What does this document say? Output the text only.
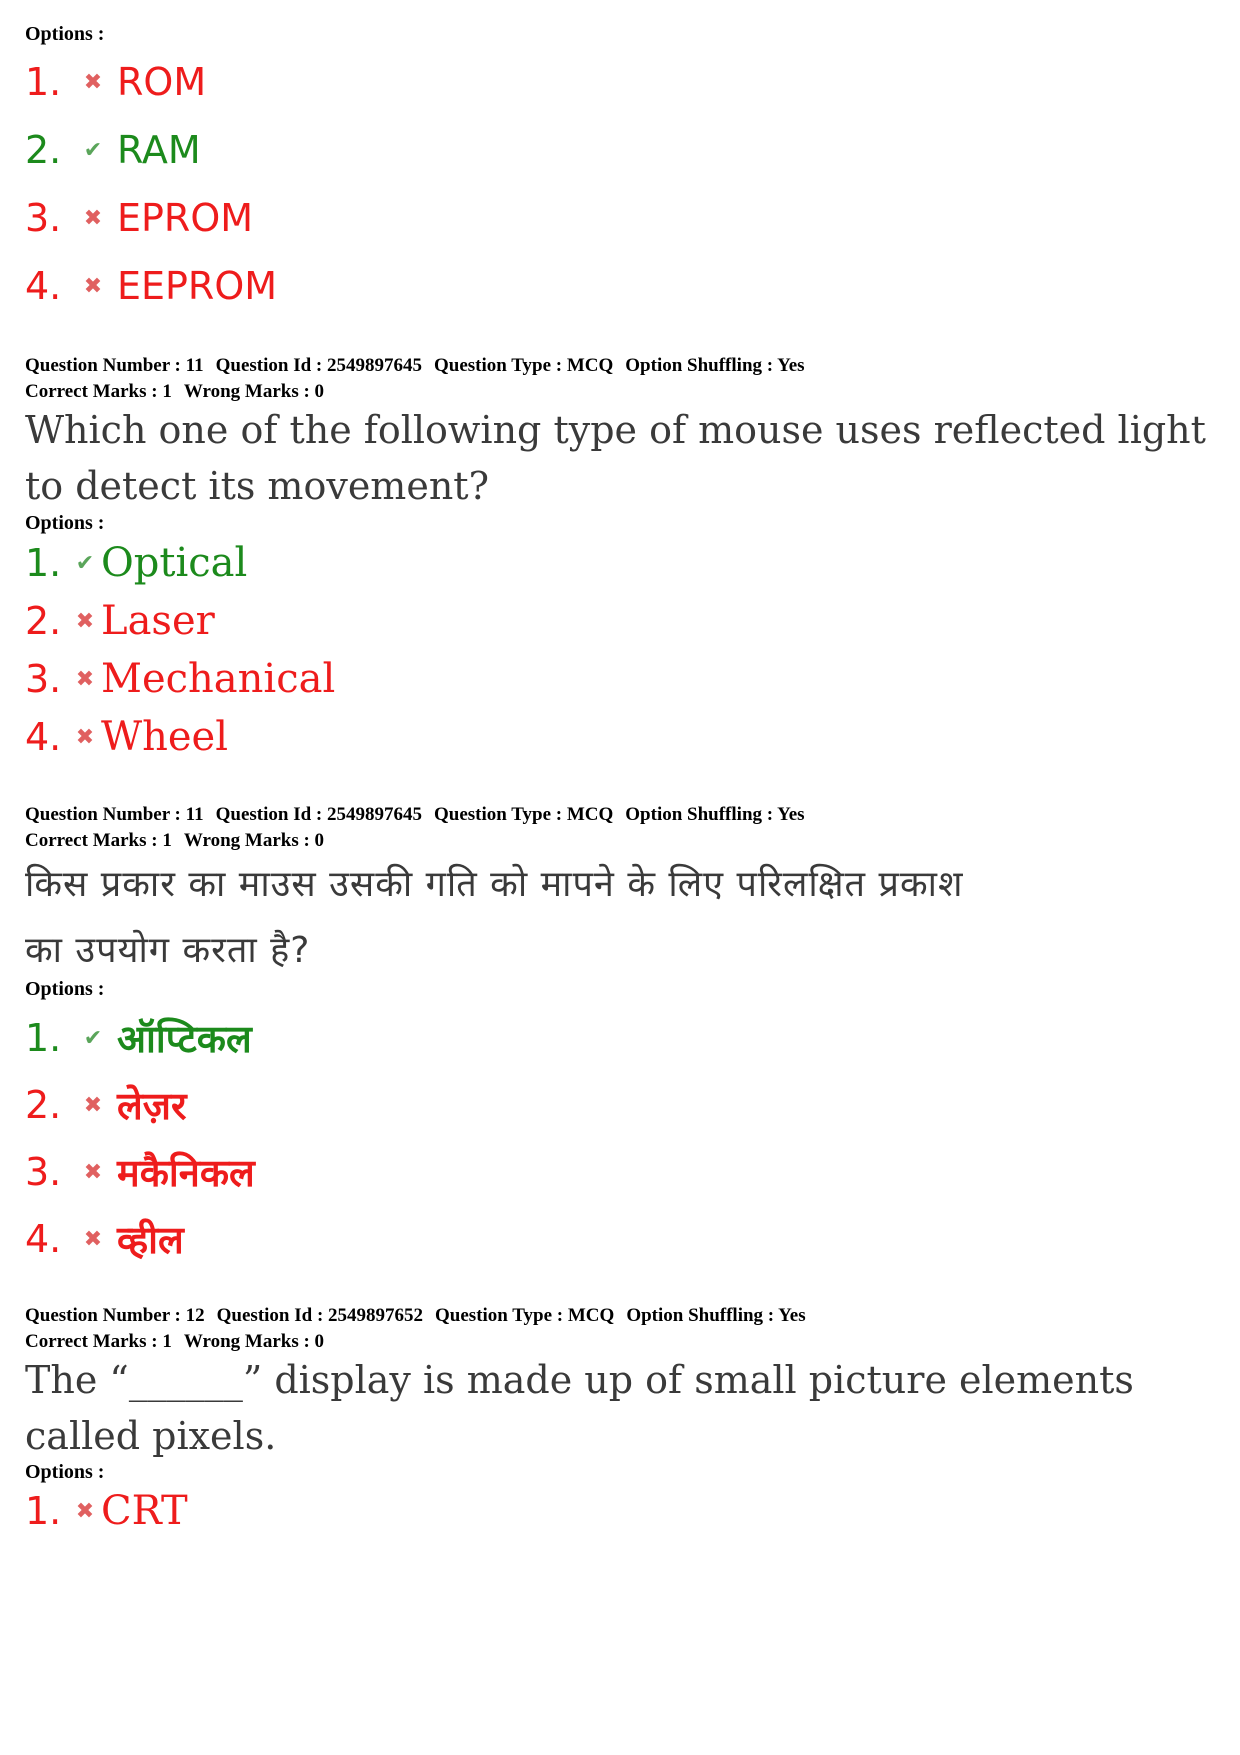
Options :
1.	✖ ROM
2.	✔ RAM
3.	✖ EPROM
4.	✖ EEPROM
Question Number : 11 Question Id : 2549897645 Question Type : MCQ Option Shuffling : Yes
Correct Marks : 1 Wrong Marks : 0
Which one of the following type of mouse uses reflected light
to detect its movement?
Options :
1. ✔ Optical
2. ✖ Laser
3. ✖ Mechanical
4. ✖ Wheel
Question Number : 11 Question Id : 2549897645 Question Type : MCQ Option Shuffling : Yes
Correct Marks : 1 Wrong Marks : 0
किस प्रकार का माउस उसकी गति को मापने के लिए परिलक्षित प्रकाश
का उपयोग करता है?
Options :
1.	✔ ऑप्टिकल
2.	✖ लेज़र
3.	✖ मकैनिकल
4.	✖ व्हील
Question Number : 12 Question Id : 2549897652 Question Type : MCQ Option Shuffling : Yes
Correct Marks : 1 Wrong Marks : 0
The “______” display is made up of small picture elements
called pixels.
Options :
1. ✖ CRT
